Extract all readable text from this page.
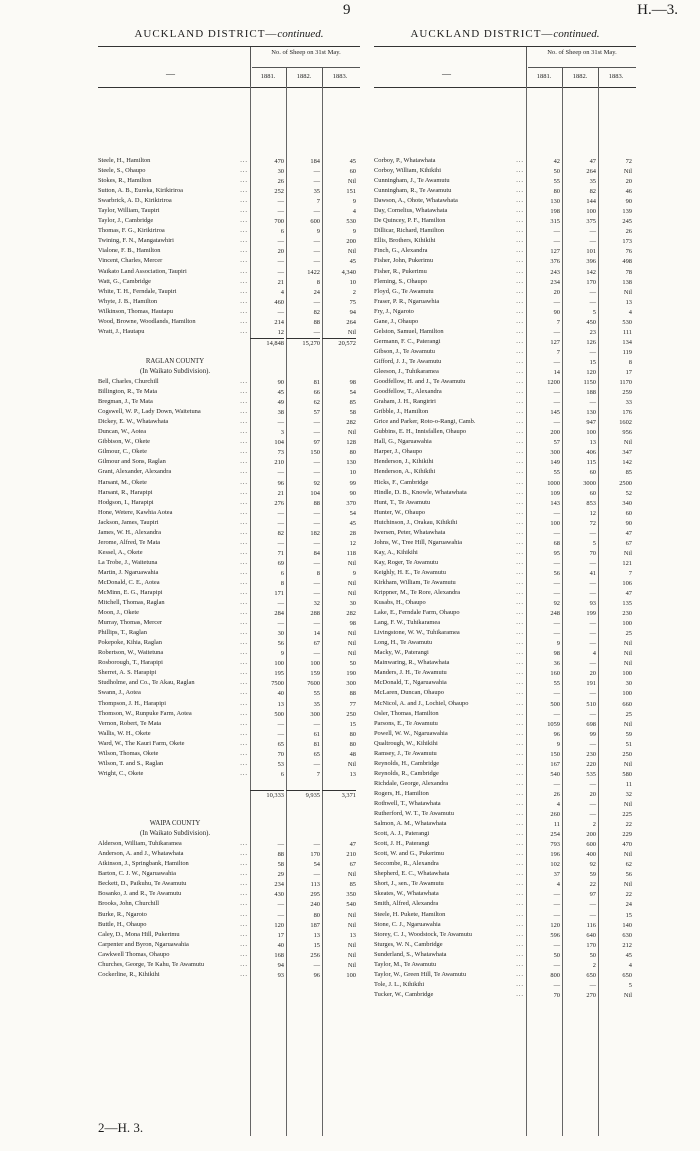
9	H.—3.
AUCKLAND DISTRICT—continued.
—
No. of Sheep on 31st May.
1881.	1882.	1883.
Steele, H., Hamilton	...	470	184	45
Steele, S., Ohaupo	...	30	—	60
Stokes, R., Hamilton	...	26	—	Nil
Sutton, A. B., Eureka, Kirikiriroa	...	252	35	151
Swarbrick, A. D., Kirikiriroa	...	—	7	9
Taylor, William, Taupiri	...	—	—	4
Taylor, J., Cambridge	...	700	600	530
Thomas, F. G., Kirikiriroa	...	6	9	9
Twining, F. N., Mangatawhiri	...	—	—	200
Vialone, F. B., Hamilton	...	20	—	Nil
Vincent, Charles, Mercer	...	—	—	45
Waikato Land Association, Taupiri	...	—	1422	4,340
Watt, G., Cambridge	...	21	8	10
White, T. H., Ferndale, Taupiri	...	4	24	2
Whyte, J. B., Hamilton	...	460	—	75
Wilkinson, Thomas, Hautapu	...	—	82	94
Wood, Browne, Woodlands, Hamilton	...	214	88	264
Wratt, J., Hautapu	...	12	—	Nil
14,848	15,270	20,572
RAGLAN COUNTY
(In Waikato Subdivision).
Bell, Charles, Churchill	...	90	81	98
Billington, R., Te Mata	...	45	66	54
Bregman, J., Te Mata	...	49	62	85
Cogswell, W. P., Lady Down, Waitetuna	...	38	57	58
Dickey, E. W., Whatawhata	...	—	—	282
Duncan, W., Aotea	...	3	—	Nil
Gibbison, W., Okete	...	104	97	128
Gilmour, C., Okete	...	73	150	80
Gilmour and Sons, Raglan	...	210	—	130
Grant, Alexander, Alexandra	...	—	—	10
Harsant, M., Okete	...	96	92	99
Harsant, R., Harapipi	...	21	104	90
Hodgson, I., Harapipi	...	276	88	370
Hone, Wetere, Kawhia Aotea	...	—	—	54
Jackson, James, Taupiri	...	—	—	45
James, W. H., Alexandra	...	82	182	28
Jerome, Alfred, Te Mata	...	—	—	12
Kessel, A., Okete	...	71	84	118
La Trobe, J., Waitetuna	...	69	—	Nil
Martin, J. Ngaruawahia	...	6	8	9
McDonald, C. E., Aotea	...	8	—	Nil
McMinn, E. G., Harapipi	...	171	—	Nil
Mitchell, Thomas, Raglan	...	—	32	30
Moon, J., Okete	...	284	288	282
Murray, Thomas, Mercer	...	—	—	98
Phillips, T., Raglan	...	30	14	Nil
Pokepoke, Kihia, Raglan	...	56	67	Nil
Robertson, W., Waitetuna	...	9	—	Nil
Rosborough, T., Harapipi	...	100	100	50
Sherret, A. S. Harapipi	...	195	159	190
Studholme, and Co., Te Akau, Raglan	...	7500	7600	300
Swann, J., Aotea	...	40	55	88
Thompson, J. H., Harapipi	...	13	35	77
Thomson, W., Runpuke Farm, Aotea	...	500	300	250
Vernon, Robert, Te Mata	...	—	—	15
Wallis, W. H., Okete	...	—	61	80
Ward, W., The Kauri Farm, Okete	...	65	81	80
Wilson, Thomas, Okete	...	70	65	48
Wilson, T. and S., Raglan	...	53	—	Nil
Wright, C., Okete	...	6	7	13
10,333	9,935	3,371
WAIPA COUNTY
(In Waikato Subdivision).
Alderson, William, Tuhikaramea	...	—	—	47
Anderson, A. and J., Whatawhata	...	88	170	210
Atkinson, J., Springbank, Hamilton	...	58	54	67
Barton, C. J. W., Ngaruawahia	...	29	—	Nil
Beckett, D., Paikuhu, Te Awamutu	...	234	113	85
Bosanko, J. and R., Te Awamutu	...	430	295	350
Brooks, John, Churchill	...	—	240	540
Burke, R., Ngaroto	...	—	80	Nil
Buttle, H., Ohaupo	...	120	187	Nil
Caley, D., Mona Hill, Pukerimu	...	17	13	13
Carpenter and Byron, Ngaruawahia	...	40	15	Nil
Cawkwell Thomas, Ohaupo	...	168	256	Nil
Churches, George, Te Kahu, Te Awamutu	...	94	—	Nil
Cockerline, R., Kihikihi	...	93	96	100
2—H. 3.
AUCKLAND DISTRICT—continued.
—
No. of Sheep on 31st May.
1881.	1882.	1883.
Corboy, P., Whatawhata	...	42	47	72
Corboy, William, Kihikihi	...	50	264	Nil
Cunningham, J., Te Awamutu	...	55	35	20
Cunningham, R., Te Awamutu	...	80	82	46
Dawson, A., Ohote, Whatawhata	...	130	144	90
Day, Cornelius, Whatawhata	...	198	100	139
De Quincey, P. F., Hamilton	...	315	375	245
Dillicar, Richard, Hamilton	...	—	—	26
Ellis, Brothers, Kihikihi	...	—	—	173
Finch, G., Alexandra	...	127	101	76
Fisher, John, Pukerimu	...	376	396	498
Fisher, R., Pukerimu	...	243	142	78
Fleming, S., Ohaupo	...	234	170	138
Floyd, G., Te Awamutu	...	20	—	Nil
Fraser, P. R., Ngaruawhia	...	—	—	13
Fry, J., Ngaroto	...	90	5	4
Gane, J., Ohaupo	...	7	450	530
Gelston, Samuel, Hamilton	...	—	23	111
Germann, F. C., Paterangi	...	127	126	134
Gibson, J., Te Awamutu	...	7	—	119
Gifford, J. J., Te Awamutu	...	—	15	8
Gleeson, J., Tuhikaramea	...	14	120	17
Goodfellow, H. and J., Te Awamutu	...	1200	1150	1170
Goodfellow, T., Alexandra	...	—	188	259
Graham, J. H., Rangiriri	...	—	—	33
Gribble, J., Hamilton	...	145	130	176
Grice and Parker, Roto-o-Rangi, Camb.	...	—	947	1602
Gubbins, E. H., Innisfallen, Ohaupo	...	200	100	956
Hall, G., Ngaruawahia	...	57	13	Nil
Harper, J., Ohaupo	...	300	406	347
Henderson, J., Kihikihi	...	149	115	142
Henderson, A., Kihikihi	...	55	60	85
Hicks, F., Cambridge	...	1000	3000	2500
Hindle, D. B., Knowle, Whatawhata	...	109	60	52
Hunt, T., Te Awamutu	...	143	853	340
Hunter, W., Ohaupo	...	—	12	60
Hutchinson, J., Orakau, Kihikihi	...	100	72	90
Iwersen, Peter, Whatawhata	...	—	—	47
Johns, W., Tree Hill, Ngaruawahia	...	68	5	67
Kay, A., Kihikihi	...	95	70	Nil
Kay, Roger, Te Awamutu	...	—	—	121
Keighly, H. E., Te Awamutu	...	56	41	7
Kirkham, William, Te Awamutu	...	—	—	106
Krippner, M., Te Rore, Alexandra	...	—	—	47
Kusabs, H., Ohaupo	...	92	93	135
Lake, E., Ferndale Farm, Ohaupo	...	248	199	230
Lang, F. W., Tuhikaramea	...	—	—	100
Livingstone, W. W., Tuhikaramea	...	—	—	25
Long, H., Te Awamutu	...	9	—	Nil
Macky, W., Paterangi	...	98	4	Nil
Mainwaring, R., Whatawhata	...	36	—	Nil
Manders, J. H., Te Awamutu	...	160	20	100
McDonald, T., Ngaruawahia	...	55	191	30
McLaren, Duncan, Ohaupo	...	—	—	100
McNicol, A. and J., Lochiel, Ohaupo	...	500	510	660
Osler, Thomas, Hamilton	...	—	—	25
Parsons, E., Te Awamutu	...	1059	698	Nil
Powell, W. W., Ngaruawahia	...	96	99	59
Qualtrough, W., Kihikihi	...	9	—	51
Ramsey, J., Te Awamutu	...	150	230	250
Reynolds, H., Cambridge	...	167	220	Nil
Reynolds, R., Cambridge	...	540	535	580
Richdale, George, Alexandra	...	—	—	11
Rogers, H., Hamilton	...	26	20	32
Rothwell, T., Whatawhata	...	4	—	Nil
Rutherford, W. T., Te Awamutu	...	260	—	225
Salmon, A. M., Whatawhata	...	11	2	22
Scott, A. J., Paterangi	...	254	200	229
Scott, J. H., Paterangi	...	793	600	470
Scott, W. and G., Pukerimu	...	196	400	Nil
Seccombe, R., Alexandra	...	102	92	62
Shepherd, E. C., Whatawhata	...	37	59	56
Short, J., sen., Te Awamutu	...	4	22	Nil
Skeates, W., Whatawhata	...	—	97	22
Smith, Alfred, Alexandra	...	—	—	24
Steele, H. Pukete, Hamilton	...	—	—	15
Stone, C. J., Ngaruawahia	...	120	116	140
Storey, C. J., Woodstock, Te Awamutu	...	596	640	630
Sturges, W. N., Cambridge	...	—	170	212
Sunderland, S., Whatawhata	...	50	50	45
Taylor, M., Te Awamutu	...	—	2	4
Taylor, W., Green Hill, Te Awamutu	...	800	650	650
Tole, J. L., Kihikihi	...	—	—	5
Tucker, W., Cambridge	...	70	270	Nil
